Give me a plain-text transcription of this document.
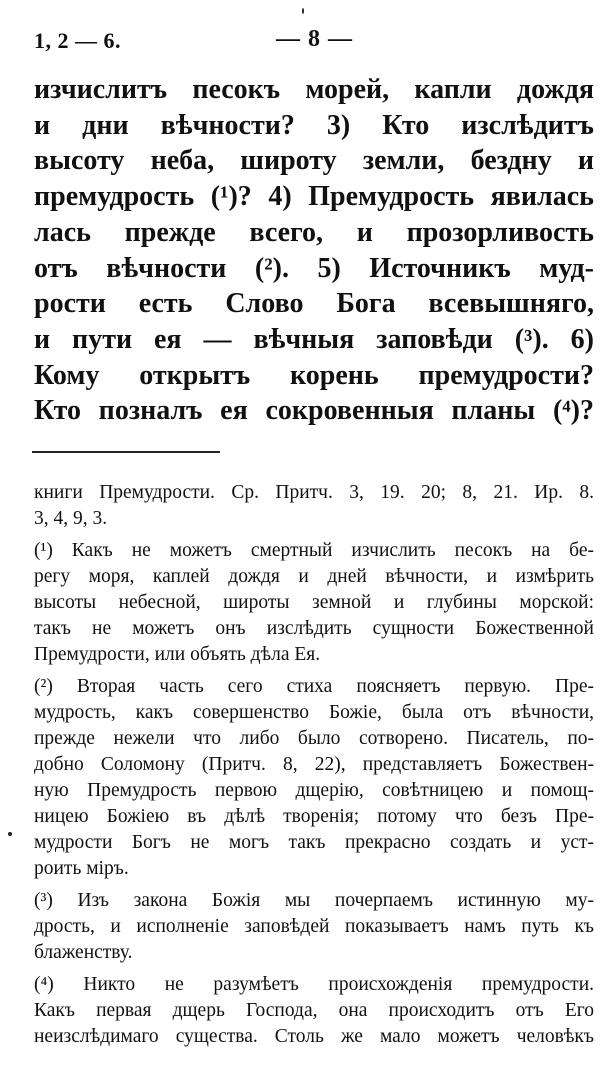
1, 2 — 6.	— 8 —
изчислитъ песокъ морей, капли дождя
и дни вѣчности? 3) Кто изслѣдитъ
высоту неба, широту земли, бездну и
премудрость (¹)? 4) Премудрость явилась
лась прежде всего, и прозорливость
отъ вѣчности (²). 5) Источникъ муд-
рости есть Слово Бога всевышняго,
и пути ея — вѣчныя заповѣди (³). 6)
Кому открытъ корень премудрости?
Кто позналъ ея сокровенныя планы (⁴)?
книги Премудрости. Ср. Притч. 3, 19. 20; 8, 21. Ир. 8.
3, 4, 9, 3.
(¹) Какъ не можетъ смертный изчислить песокъ на бе-
регу моря, каплей дождя и дней вѣчности, и измѣрить
высоты небесной, широты земной и глубины морской:
такъ не можетъ онъ изслѣдить сущности Божественной
Премудрости, или объять дѣла Ея.
(²) Вторая часть сего стиха поясняетъ первую. Пре-
мудрость, какъ совершенство Божіе, была отъ вѣчности,
прежде нежели что либо было сотворено. Писатель, по-
добно Соломону (Притч. 8, 22), представляетъ Божествен-
ную Премудрость первою дщерію, совѣтницею и помощ-
ницею Божіею въ дѣлѣ творенія; потому что безъ Пре-
мудрости Богъ не могъ такъ прекрасно создать и уст-
роить міръ.
(³) Изъ закона Божія мы почерпаемъ истинную му-
дрость, и исполненіе заповѣдей показываетъ намъ путь къ
блаженству.
(⁴) Никто не разумѣетъ происхожденія премудрости.
Какъ первая дщерь Господа, она происходитъ отъ Его
неизслѣдимаго существа. Столь же мало можетъ человѣкъ
